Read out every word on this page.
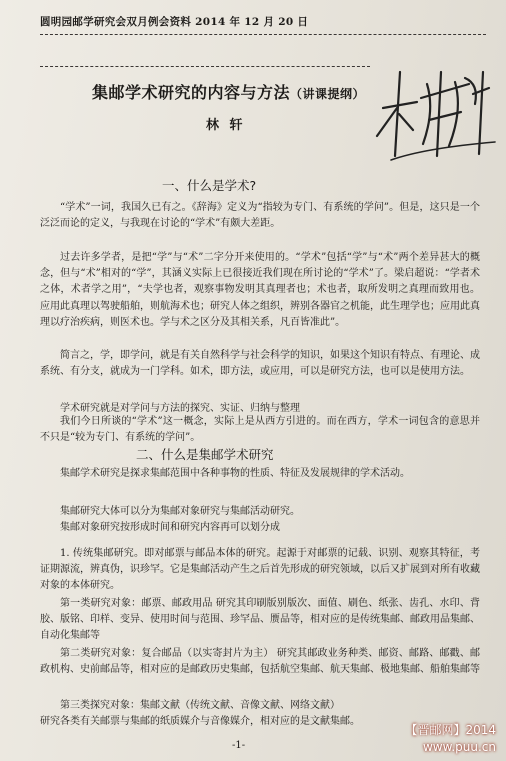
圆明园邮学研究会双月例会资料 2014 年 12 月 20 日
集邮学术研究的内容与方法（讲课提纲）
林 轩
一、什么是学术?
“学术”一词，我国久已有之。《辞海》定义为“指较为专门、有系统的学问”。但是，这只是一个泛泛而论的定义，与我现在讨论的“学术”有颇大差距。
过去许多学者，是把“学”与“术”二字分开来使用的。“学术”包括“学”与“术”两个差异甚大的概念，但与“术”相对的“学”，其涵义实际上已很接近我们现在所讨论的“学术”了。梁启超说：“学者术之体，术者学之用”，“夫学也者，观察事物发明其真理者也；术也者，取所发明之真理而致用也。应用此真理以驾驶船舶，则航海术也；研究人体之组织，辨别各器官之机能，此生理学也；应用此真理以疗治疾病，则医术也。学与术之区分及其相关系，凡百皆准此”。
简言之，学，即学问，就是有关自然科学与社会科学的知识，如果这个知识有特点、有理论、成系统、有分支，就成为一门学科。如术，即方法，或应用，可以是研究方法，也可以是使用方法。
学术研究就是对学问与方法的探究、实证、归纳与整理
我们今日所谈的“学术”这一概念，实际上是从西方引进的。而在西方，学术一词包含的意思并不只是“较为专门、有系统的学问”。
二、什么是集邮学术研究
集邮学术研究是探求集邮范围中各种事物的性质、特征及发展规律的学术活动。
集邮研究大体可以分为集邮对象研究与集邮活动研究。
集邮对象研究按形成时间和研究内容再可以划分成
1. 传统集邮研究。即对邮票与邮品本体的研究。起源于对邮票的记载、识别、观察其特征，考证期源流，辨真伪，识珍罕。它是集邮活动产生之后首先形成的研究领域，以后又扩展到对所有收藏对象的本体研究。
第一类研究对象：邮票、邮政用品 研究其印刷版别版次、面值、刷色、纸张、齿孔、水印、背胶、版铭、印样、变异、使用时间与范围、珍罕品、赝品等，相对应的是传统集邮、邮政用品集邮、自动化集邮等
第二类研究对象：复合邮品（以实寄封片为主） 研究其邮政业务种类、邮资、邮路、邮戳、邮政机构、史前邮品等，相对应的是邮政历史集邮，包括航空集邮、航天集邮、极地集邮、船舶集邮等
第三类探究对象：集邮文献（传统文献、音像文献、网络文献）
研究各类有关邮票与集邮的纸质媒介与音像媒介，相对应的是文献集邮。
-1-
【晋邮网】2014
www.puu.cn
